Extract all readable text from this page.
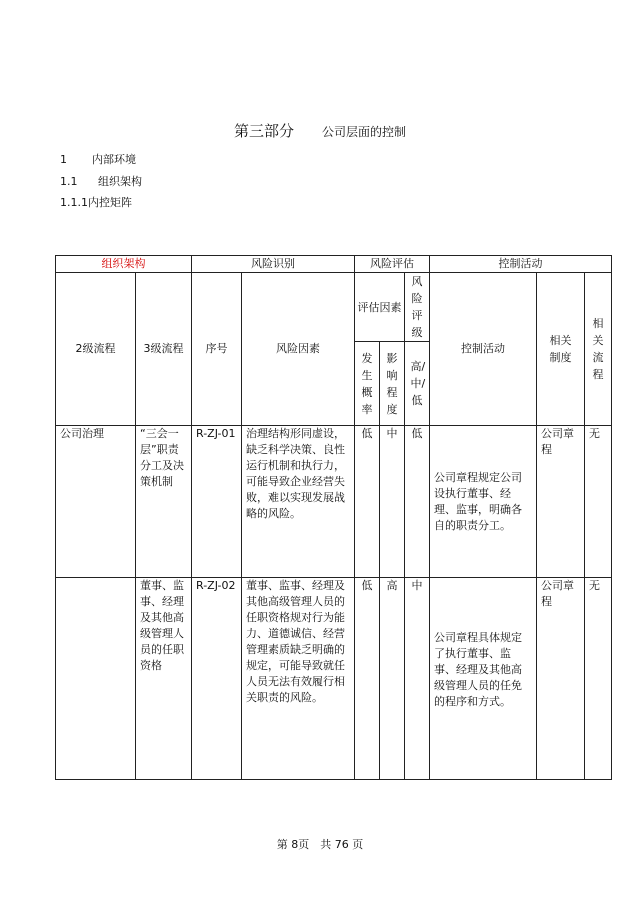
第三部分 公司层面的控制
1 内部环境
1.1 组织架构
1.1.1内控矩阵
组织架构		风险识别		风险评估			控制活动		
2级流程	3级流程	序号	风险因素	评估因素		风险评级	控制活动	相关制度	相关流程
				发生概率	影响程度	高/中/低			
公司治理	“三会一层”职责分工及决策机制	R-ZJ-01	治理结构形同虚设，缺乏科学决策、良性运行机制和执行力，可能导致企业经营失败，难以实现发展战略的风险。	低	中	低	公司章程规定公司设执行董事、经理、监事，明确各自的职责分工。	公司章程	无
	董事、监事、经理及其他高级管理人员的任职资格	R-ZJ-02	董事、监事、经理及其他高级管理人员的任职资格规对行为能力、道德诚信、经营管理素质缺乏明确的规定，可能导致就任人员无法有效履行相关职责的风险。	低	高	中	公司章程具体规定了执行董事、监事、经理及其他高级管理人员的任免的程序和方式。	公司章程	无
第 8页　共 76 页
